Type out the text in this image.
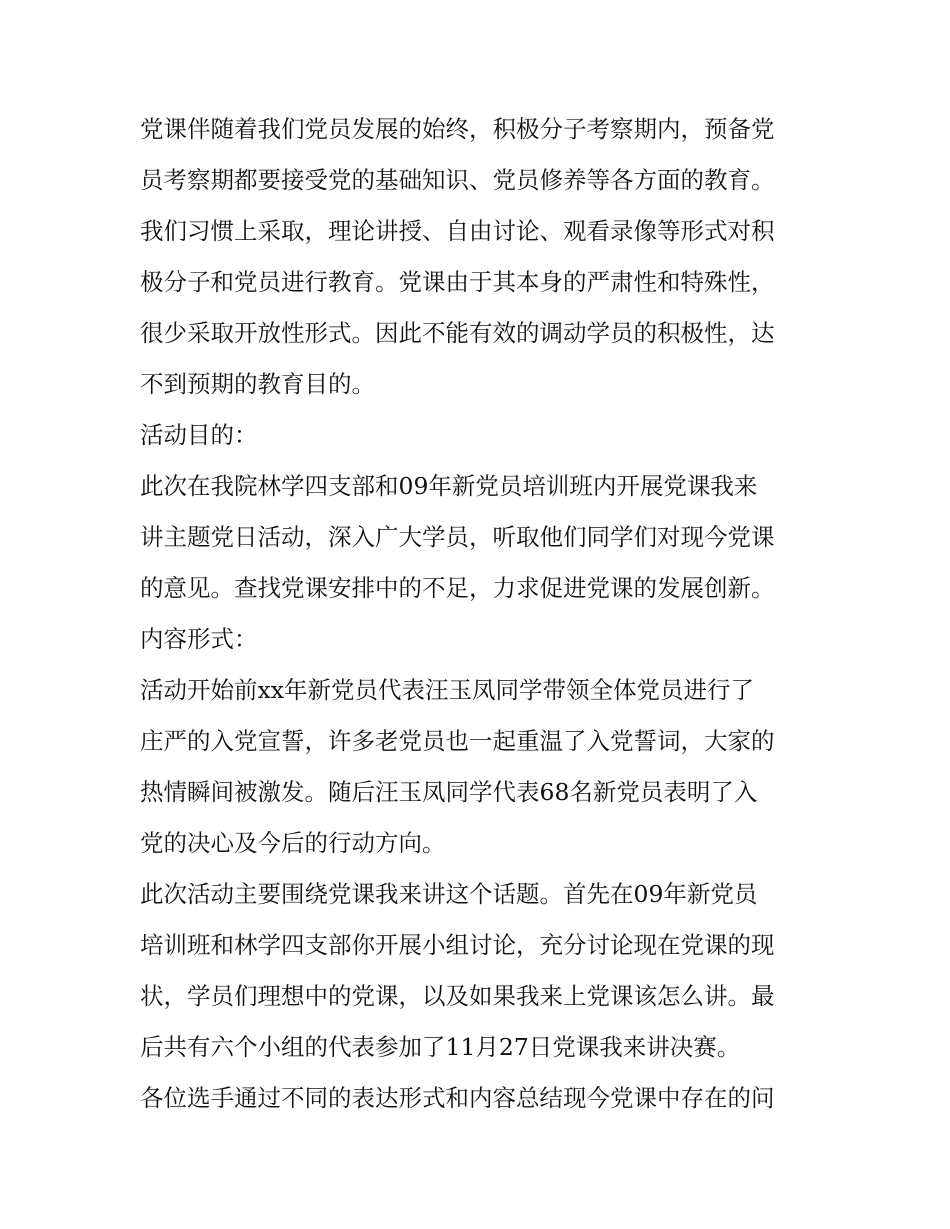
党课伴随着我们党员发展的始终，积极分子考察期内，预备党
员考察期都要接受党的基础知识、党员修养等各方面的教育。
我们习惯上采取，理论讲授、自由讨论、观看录像等形式对积
极分子和党员进行教育。党课由于其本身的严肃性和特殊性，
很少采取开放性形式。因此不能有效的调动学员的积极性，达
不到预期的教育目的。
活动目的：
此次在我院林学四支部和09年新党员培训班内开展党课我来
讲主题党日活动，深入广大学员，听取他们同学们对现今党课
的意见。查找党课安排中的不足，力求促进党课的发展创新。
内容形式：
活动开始前xx年新党员代表汪玉凤同学带领全体党员进行了
庄严的入党宣誓，许多老党员也一起重温了入党誓词，大家的
热情瞬间被激发。随后汪玉凤同学代表68名新党员表明了入
党的决心及今后的行动方向。
此次活动主要围绕党课我来讲这个话题。首先在09年新党员
培训班和林学四支部你开展小组讨论，充分讨论现在党课的现
状，学员们理想中的党课，以及如果我来上党课该怎么讲。最
后共有六个小组的代表参加了11月27日党课我来讲决赛。
各位选手通过不同的表达形式和内容总结现今党课中存在的问
